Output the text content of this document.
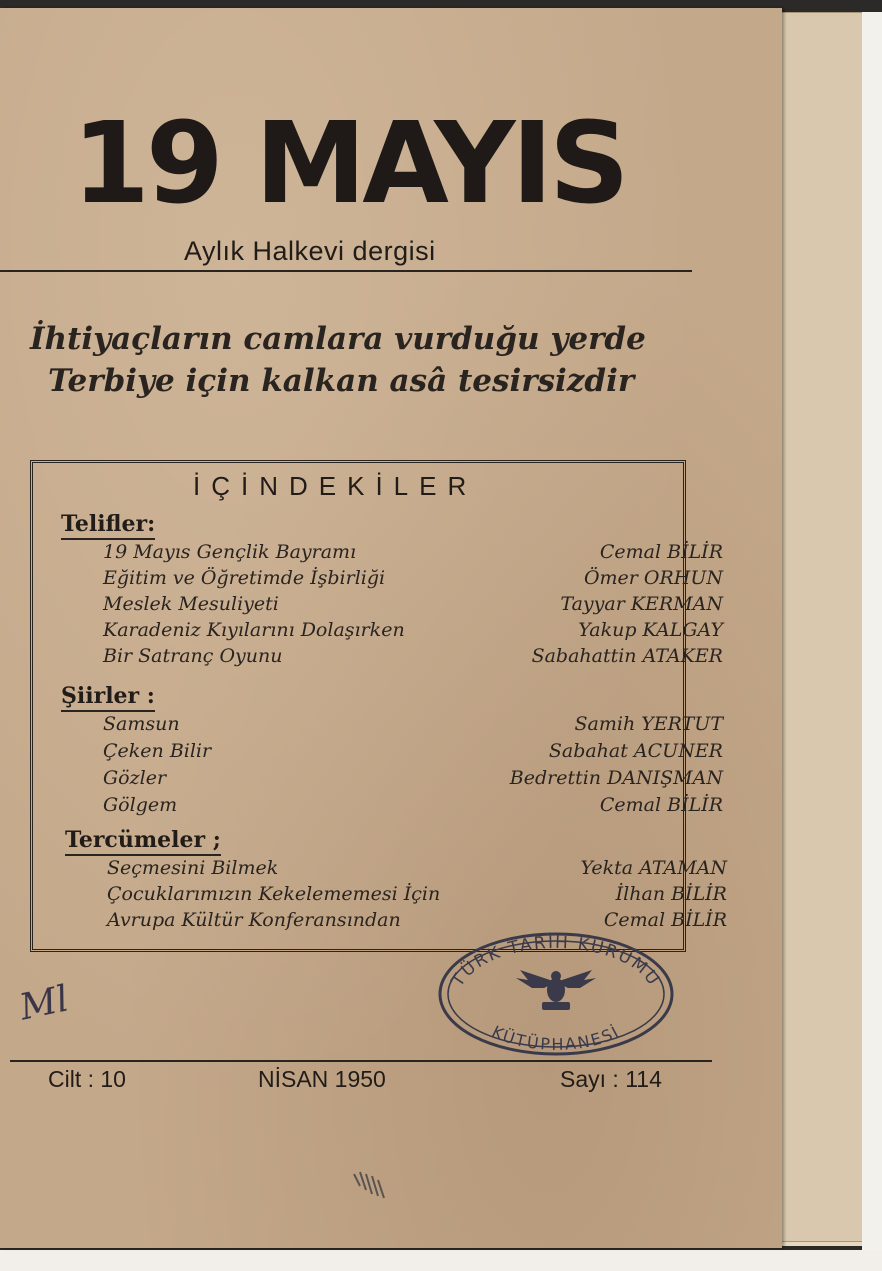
19 MAYIS
Aylık Halkevi dergisi
İhtiyaçların camlara vurduğu yerde
Terbiye için kalkan asâ tesirsizdir
İÇİNDEKİLER
Telifler:
19 Mayıs Gençlik Bayramı	Cemal BİLİR
Eğitim ve Öğretimde İşbirliği	Ömer ORHUN
Meslek Mesuliyeti	Tayyar KERMAN
Karadeniz Kıyılarını Dolaşırken	Yakup KALGAY
Bir Satranç Oyunu	Sabahattin ATAKER
Şiirler :
Samsun	Samih YERTUT
Çeken Bilir	Sabahat ACUNER
Gözler	Bedrettin DANIŞMAN
Gölgem	Cemal BİLİR
Tercümeler ;
Seçmesini Bilmek	Yekta ATAMAN
Çocuklarımızın Kekelememesi İçin	İlhan BİLİR
Avrupa Kültür Konferansından	Cemal BİLİR
Ml	TÜRK TARİH KURUMU
KÜTÜPHANESİ
Cilt : 10	NİSAN 1950	Sayı : 114
